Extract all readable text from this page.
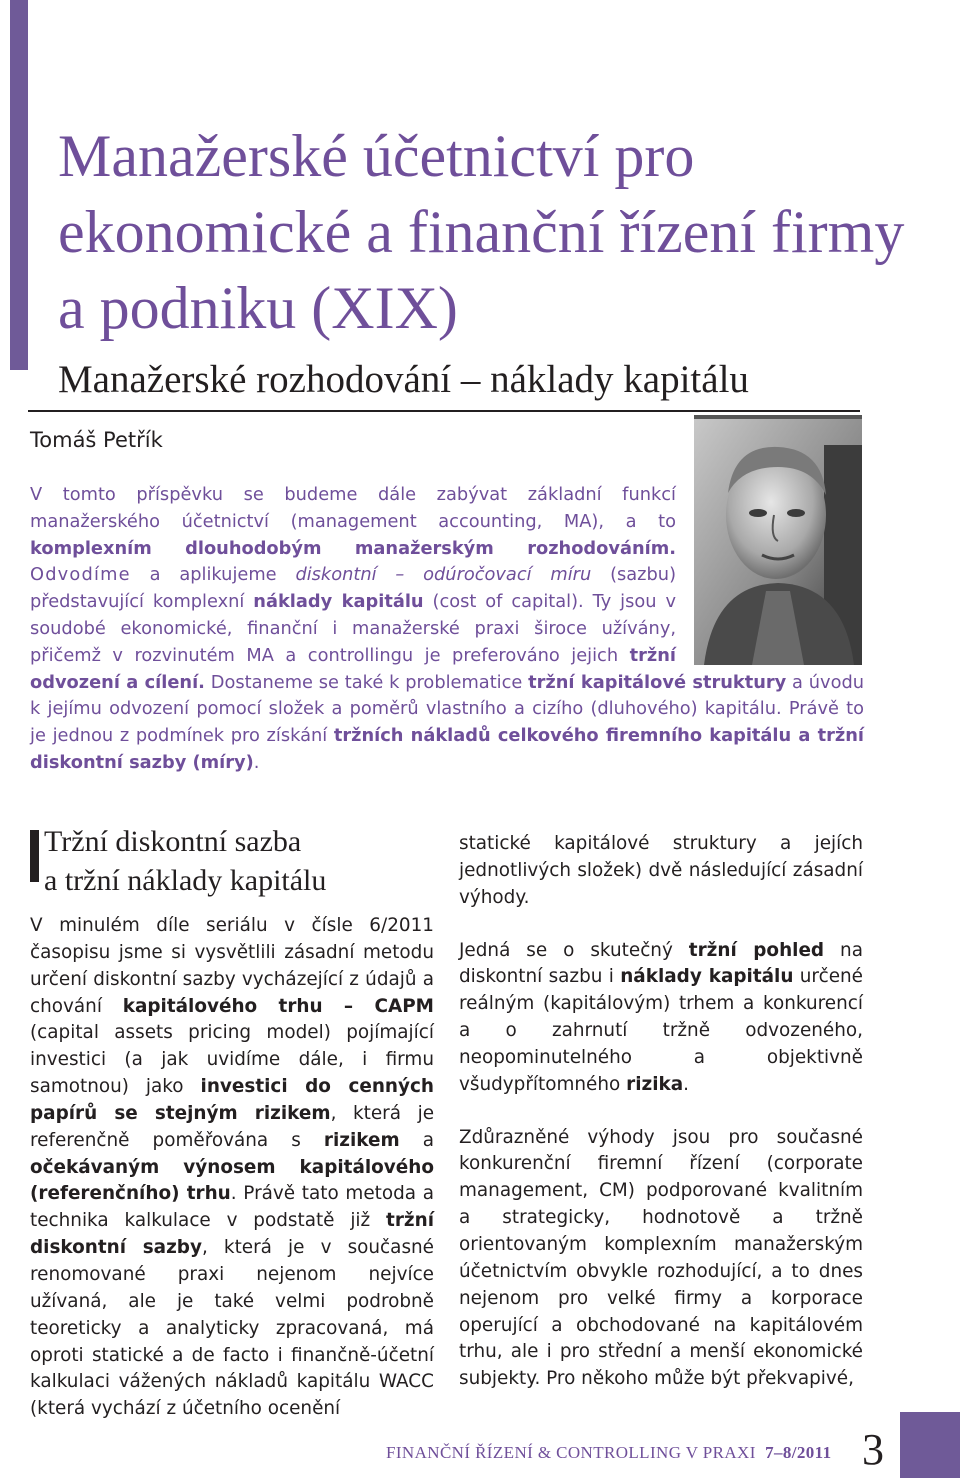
Manažerské účetnictví pro ekonomické a finanční řízení firmy a podniku (XIX)
Manažerské rozhodování – náklady kapitálu

Tomáš Petřík

V tomto příspěvku se budeme dále zabývat základní funkcí manažerského účetnictví (management accounting, MA), a to komplexním dlouhodobým manažerským rozhodováním. Odvodíme a aplikujeme diskontní – odúročovací míru (sazbu) představující komplexní náklady kapitálu (cost of capital). Ty jsou v soudobé ekonomické, finanční i manažerské praxi široce užívány, přičemž v rozvinutém MA a controllingu je preferováno jejich tržní odvození a cílení. Dostaneme se také k problematice tržní kapitálové struktury a úvodu k jejímu odvození pomocí složek a poměrů vlastního a cizího (dluhového) kapitálu. Právě to je jednou z podmínek pro získání tržních nákladů celkového firemního kapitálu a tržní diskontní sazby (míry).

Tržní diskontní sazba
a tržní náklady kapitálu

V minulém díle seriálu v čísle 6/2011 časopisu jsme si vysvětlili zásadní metodu určení diskontní sazby vycházející z údajů a chování kapitálového trhu – CAPM (capital assets pricing model) pojímající investici (a jak uvidíme dále, i firmu samotnou) jako investici do cenných papírů se stejným rizikem, která je referenčně poměřována s rizikem a očekávaným výnosem kapitálového (referenčního) trhu. Právě tato metoda a technika kalkulace v podstatě již tržní diskontní sazby, která je v současné renomované praxi nejenom nejvíce užívaná, ale je také velmi podrobně teoreticky a analyticky zpracovaná, má oproti statické a de facto i finančně-účetní kalkulaci vážených nákladů kapitálu WACC (která vychází z účetního ocenění

statické kapitálové struktury a jejích jednotlivých složek) dvě následující zásadní výhody.

Jedná se o skutečný tržní pohled na diskontní sazbu i náklady kapitálu určené reálným (kapitálovým) trhem a konkurencí a o zahrnutí tržně odvozeného, neopominutelného a objektivně všudypřítomného rizika.

Zdůrazněné výhody jsou pro současné konkurenční firemní řízení (corporate management, CM) podporované kvalitním a strategicky, hodnotově a tržně orientovaným komplexním manažerským účetnictvím obvykle rozhodující, a to dnes nejenom pro velké firmy a korporace operující a obchodované na kapitálovém trhu, ale i pro střední a menší ekonomické subjekty. Pro někoho může být překvapivé,

FINANČNÍ ŘÍZENÍ & CONTROLLING V PRAXI 7–8/2011 3
